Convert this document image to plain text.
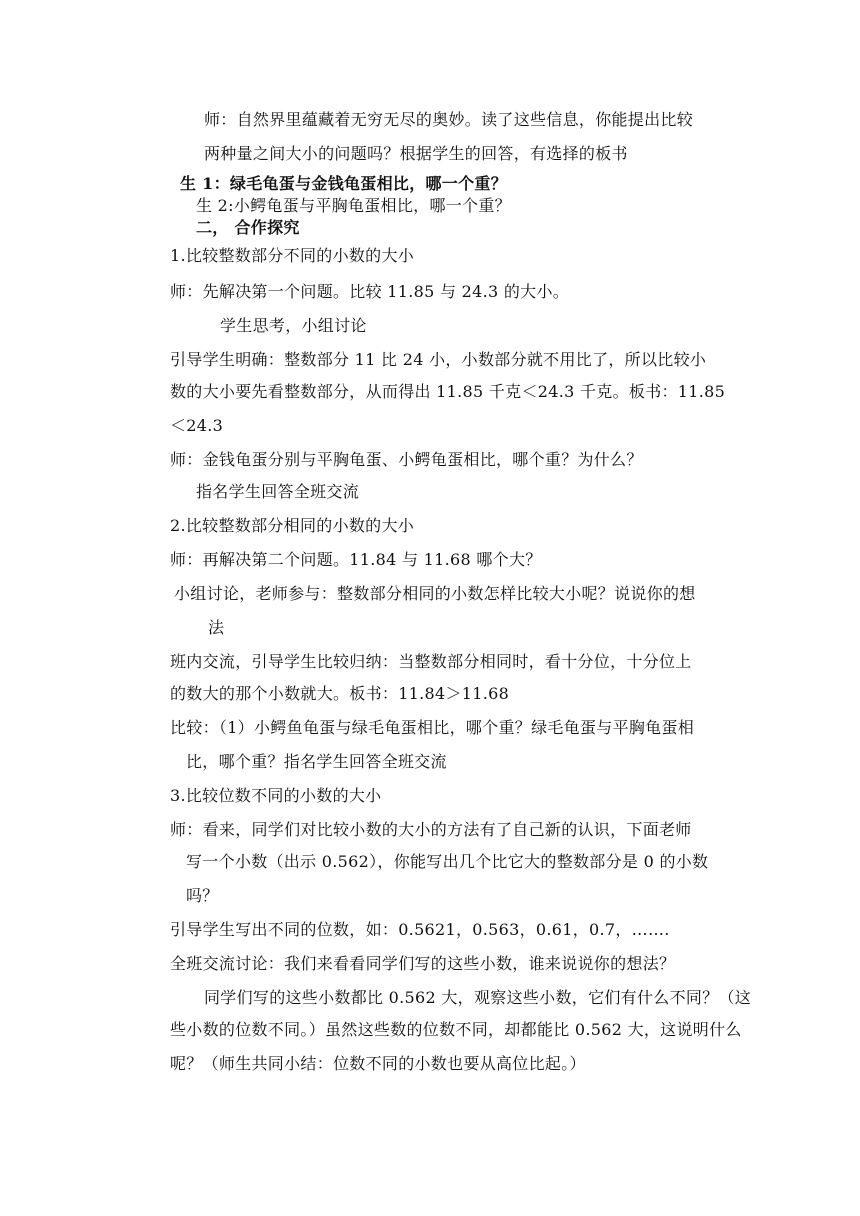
师：自然界里蕴藏着无穷无尽的奥妙。读了这些信息，你能提出比较
两种量之间大小的问题吗？根据学生的回答，有选择的板书
生 1：绿毛龟蛋与金钱龟蛋相比，哪一个重？
生 2:小鳄龟蛋与平胸龟蛋相比，哪一个重？
二， 合作探究
1.比较整数部分不同的小数的大小
师：先解决第一个问题。比较 11.85 与 24.3 的大小。
学生思考，小组讨论
引导学生明确：整数部分 11 比 24 小，小数部分就不用比了，所以比较小
数的大小要先看整数部分，从而得出 11.85 千克＜24.3 千克。板书：11.85
＜24.3
师：金钱龟蛋分别与平胸龟蛋、小鳄龟蛋相比，哪个重？为什么？
指名学生回答全班交流
2.比较整数部分相同的小数的大小
师：再解决第二个问题。11.84 与 11.68 哪个大？
小组讨论，老师参与：整数部分相同的小数怎样比较大小呢？说说你的想
法
班内交流，引导学生比较归纳：当整数部分相同时，看十分位，十分位上
的数大的那个小数就大。板书：11.84＞11.68
比较：（1）小鳄鱼龟蛋与绿毛龟蛋相比，哪个重？绿毛龟蛋与平胸龟蛋相
比，哪个重？指名学生回答全班交流
3.比较位数不同的小数的大小
师：看来，同学们对比较小数的大小的方法有了自己新的认识，下面老师
写一个小数（出示 0.562），你能写出几个比它大的整数部分是 0 的小数
吗？
引导学生写出不同的位数，如：0.5621，0.563，0.61，0.7，…….
全班交流讨论：我们来看看同学们写的这些小数，谁来说说你的想法？
同学们写的这些小数都比 0.562 大，观察这些小数，它们有什么不同？（这
些小数的位数不同。）虽然这些数的位数不同，却都能比 0.562 大，这说明什么
呢？（师生共同小结：位数不同的小数也要从高位比起。）
